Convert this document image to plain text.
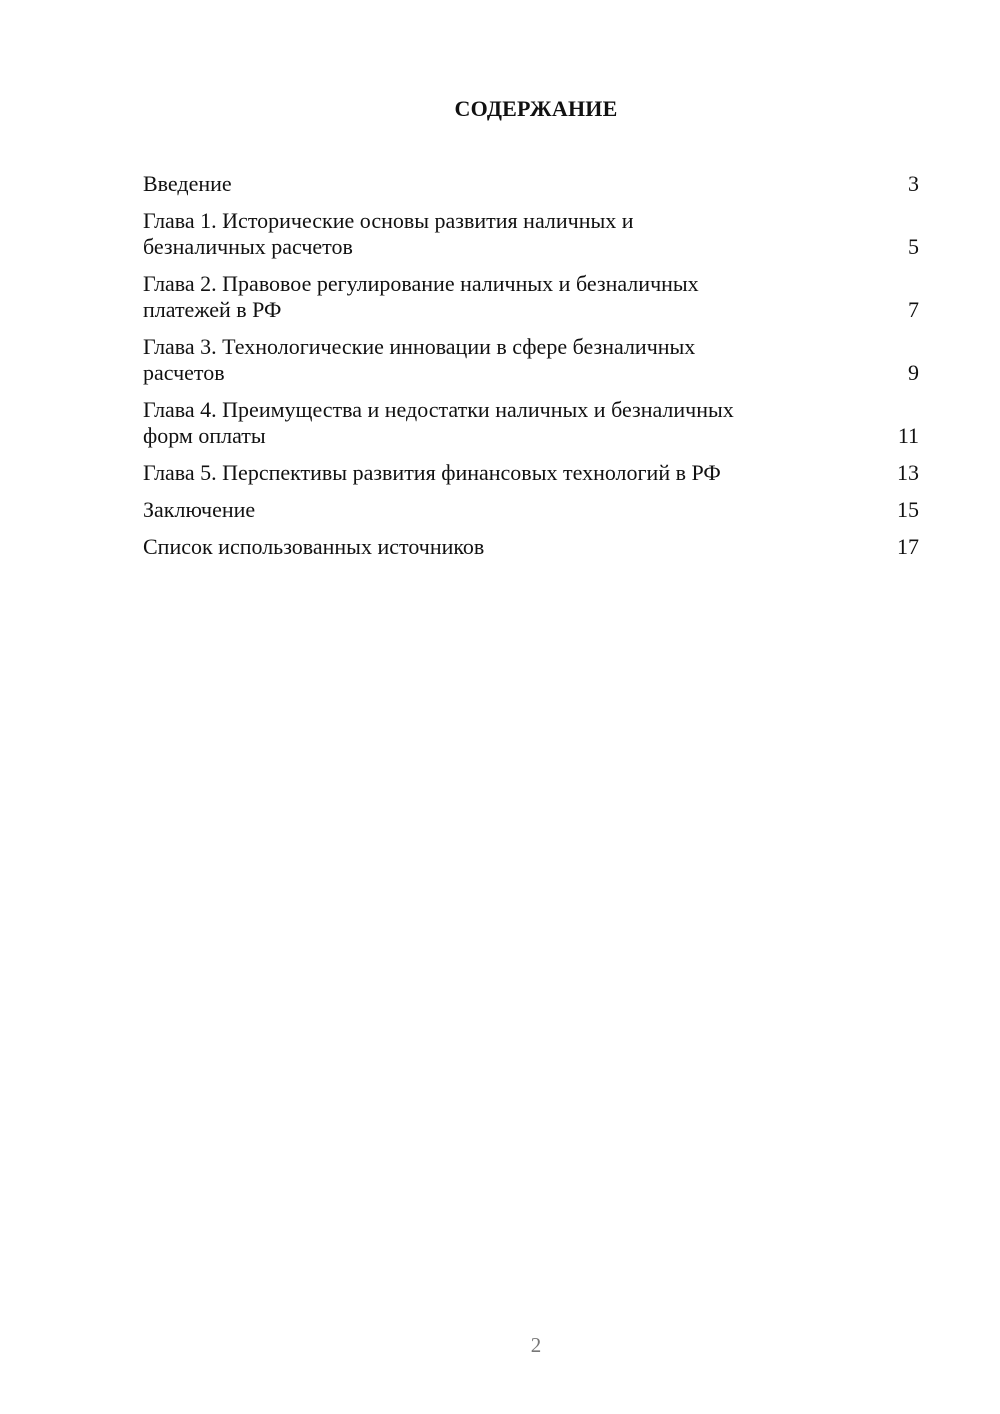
СОДЕРЖАНИЕ
Введение	3
Глава 1. Исторические основы развития наличных и
безналичных расчетов	5
Глава 2. Правовое регулирование наличных и безналичных
платежей в РФ	7
Глава 3. Технологические инновации в сфере безналичных
расчетов	9
Глава 4. Преимущества и недостатки наличных и безналичных
форм оплаты	11
Глава 5. Перспективы развития финансовых технологий в РФ	13
Заключение	15
Список использованных источников	17
2
